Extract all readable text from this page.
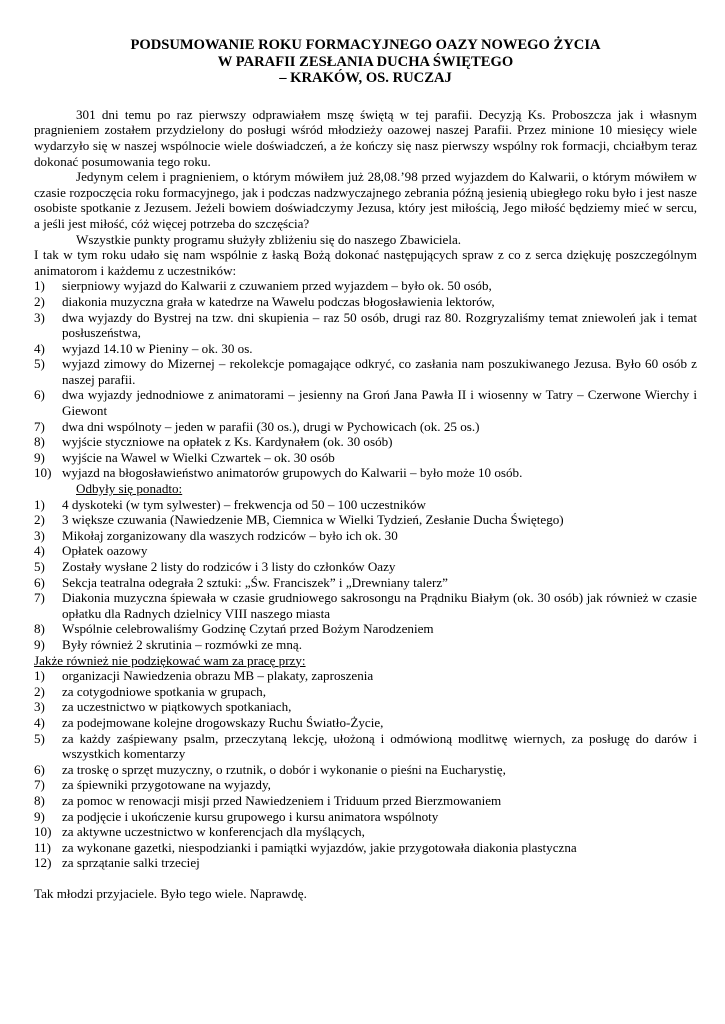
PODSUMOWANIE ROKU FORMACYJNEGO OAZY NOWEGO ŻYCIA
W PARAFII ZESŁANIA DUCHA ŚWIĘTEGO
– KRAKÓW, OS. RUCZAJ

301 dni temu po raz pierwszy odprawiałem mszę świętą w tej parafii. Decyzją Ks. Proboszcza jak i własnym pragnieniem zostałem przydzielony do posługi wśród młodzieży oazowej naszej Parafii. Przez minione 10 miesięcy wiele wydarzyło się w naszej wspólnocie wiele doświadczeń, a że kończy się nasz pierwszy wspólny rok formacji, chciałbym teraz dokonać posumowania tego roku.

Jedynym celem i pragnieniem, o którym mówiłem już 28,08.’98 przed wyjazdem do Kalwarii, o którym mówiłem w czasie rozpoczęcia roku formacyjnego, jak i podczas nadzwyczajnego zebrania późną jesienią ubiegłego roku było i jest nasze osobiste spotkanie z Jezusem. Jeżeli bowiem doświadczymy Jezusa, który jest miłością, Jego miłość będziemy mieć w sercu, a jeśli jest miłość, cóż więcej potrzeba do szczęścia?

Wszystkie punkty programu służyły zbliżeniu się do naszego Zbawiciela.

I tak w tym roku udało się nam wspólnie z łaską Bożą dokonać następujących spraw z co z serca dziękuję poszczególnym animatorom i każdemu z uczestników:

1) sierpniowy wyjazd do Kalwarii z czuwaniem przed wyjazdem – było ok. 50 osób,
2) diakonia muzyczna grała w katedrze na Wawelu podczas błogosławienia lektorów,
3) dwa wyjazdy do Bystrej na tzw. dni skupienia – raz 50 osób, drugi raz 80. Rozgryzaliśmy temat zniewoleń jak i temat posłuszeństwa,
4) wyjazd 14.10 w Pieniny – ok. 30 os.
5) wyjazd zimowy do Mizernej – rekolekcje pomagające odkryć, co zasłania nam poszukiwanego Jezusa. Było 60 osób z naszej parafii.
6) dwa wyjazdy jednodniowe z animatorami – jesienny na Groń Jana Pawła II i wiosenny w Tatry – Czerwone Wierchy i Giewont
7) dwa dni wspólnoty – jeden w parafii (30 os.), drugi w Pychowicach (ok. 25 os.)
8) wyjście styczniowe na opłatek z Ks. Kardynałem (ok. 30 osób)
9) wyjście na Wawel w Wielki Czwartek – ok. 30 osób
10) wyjazd na błogosławieństwo animatorów grupowych do Kalwarii – było może 10 osób.

Odbyły się ponadto:

1) 4 dyskoteki (w tym sylwester) – frekwencja od 50 – 100 uczestników
2) 3 większe czuwania (Nawiedzenie MB, Ciemnica w Wielki Tydzień, Zesłanie Ducha Świętego)
3) Mikołaj zorganizowany dla waszych rodziców – było ich ok. 30
4) Opłatek oazowy
5) Zostały wysłane 2 listy do rodziców i 3 listy do członków Oazy
6) Sekcja teatralna odegrała 2 sztuki: „Św. Franciszek” i „Drewniany talerz”
7) Diakonia muzyczna śpiewała w czasie grudniowego sakrosongu na Prądniku Białym (ok. 30 osób) jak również w czasie opłatku dla Radnych dzielnicy VIII naszego miasta
8) Wspólnie celebrowaliśmy Godzinę Czytań przed Bożym Narodzeniem
9) Były również 2 skrutinia – rozmówki ze mną.

Jakże również nie podziękować wam za pracę przy:

1) organizacji Nawiedzenia obrazu MB – plakaty, zaproszenia
2) za cotygodniowe spotkania w grupach,
3) za uczestnictwo w piątkowych spotkaniach,
4) za podejmowane kolejne drogowskazy Ruchu Światło-Życie,
5) za każdy zaśpiewany psalm, przeczytaną lekcję, ułożoną i odmówioną modlitwę wiernych, za posługę do darów i wszystkich komentarzy
6) za troskę o sprzęt muzyczny, o rzutnik, o dobór i wykonanie o pieśni na Eucharystię,
7) za śpiewniki przygotowane na wyjazdy,
8) za pomoc w renowacji misji przed Nawiedzeniem i Triduum przed Bierzmowaniem
9) za podjęcie i ukończenie kursu grupowego i kursu animatora wspólnoty
10) za aktywne uczestnictwo w konferencjach dla myślących,
11) za wykonane gazetki, niespodzianki i pamiątki wyjazdów, jakie przygotowała diakonia plastyczna
12) za sprzątanie salki trzeciej

Tak młodzi przyjaciele. Było tego wiele. Naprawdę.
